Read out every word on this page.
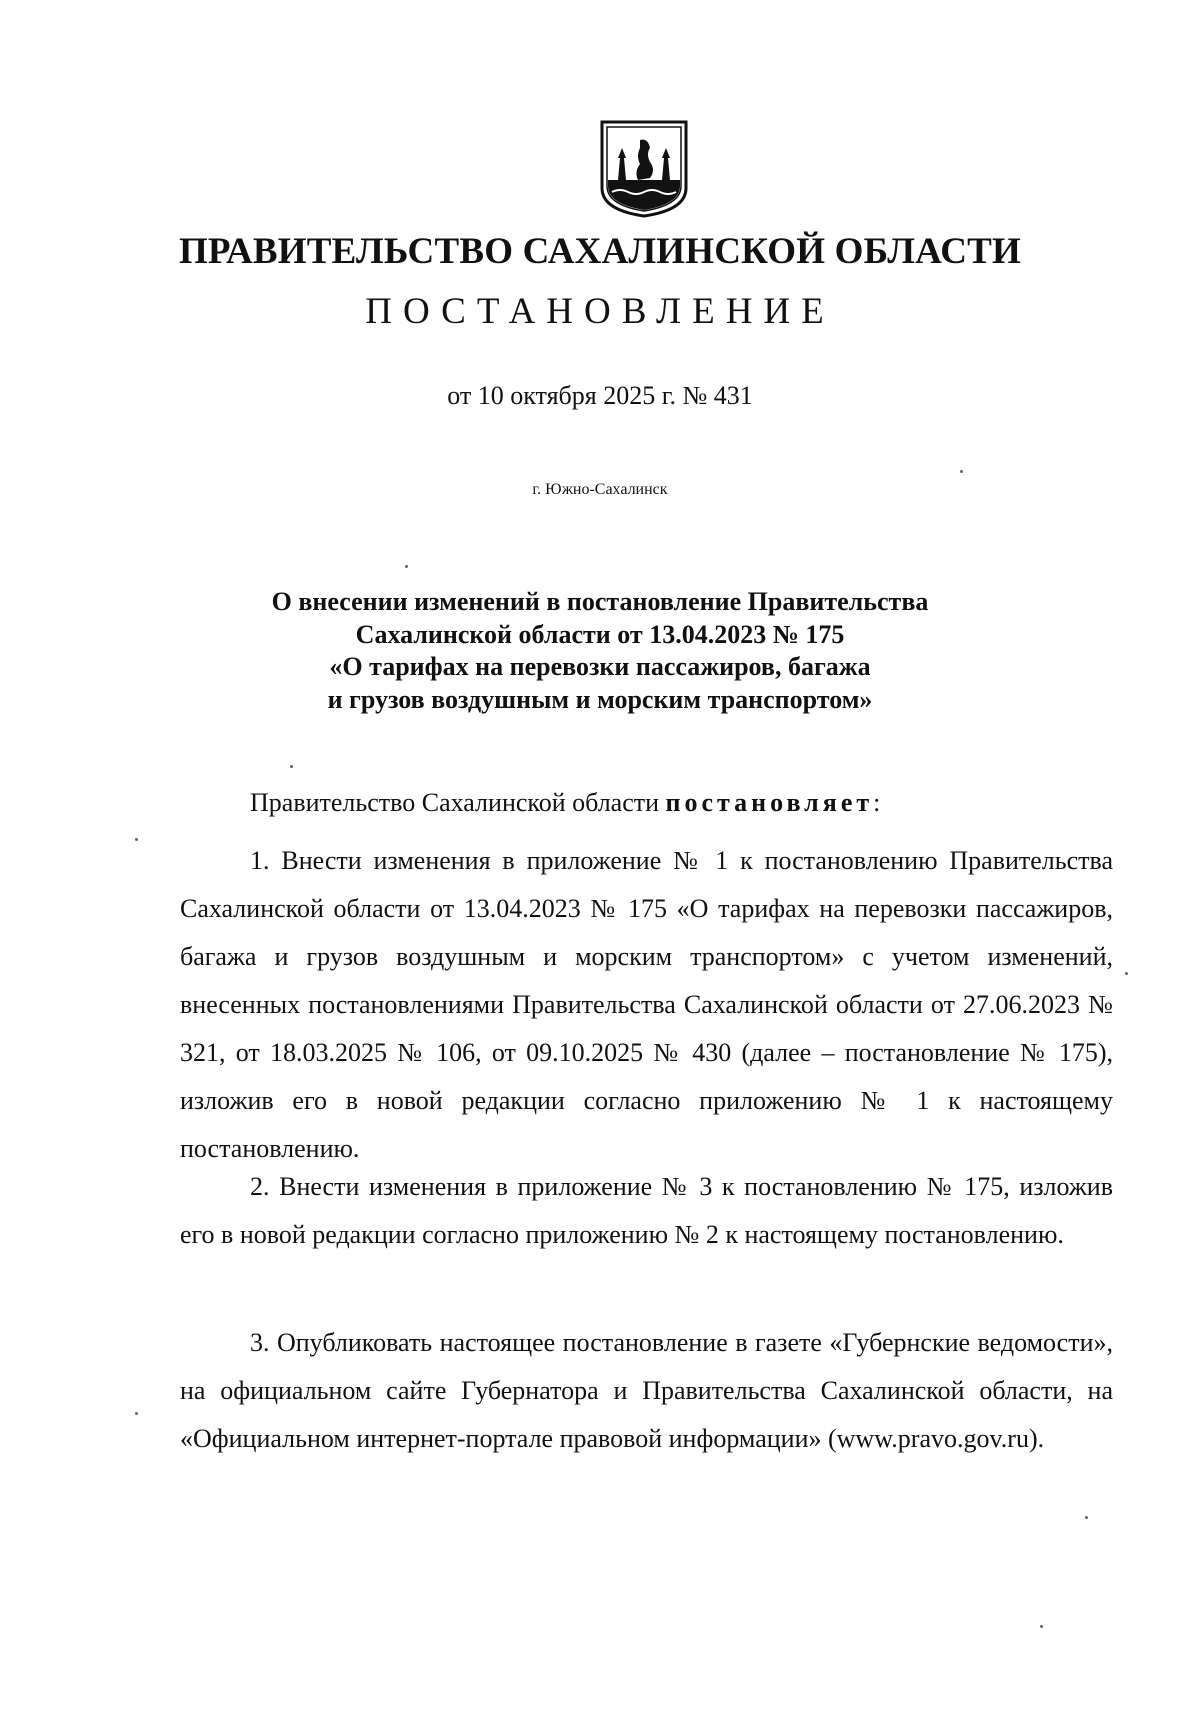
ПРАВИТЕЛЬСТВО САХАЛИНСКОЙ ОБЛАСТИ
ПОСТАНОВЛЕНИЕ
от 10 октября 2025 г. № 431
г. Южно-Сахалинск
О внесении изменений в постановление Правительства
Сахалинской области от 13.04.2023 № 175
«О тарифах на перевозки пассажиров, багажа
и грузов воздушным и морским транспортом»
Правительство Сахалинской области постановляет:
1. Внести изменения в приложение № 1 к постановлению Правительства Сахалинской области от 13.04.2023 № 175 «О тарифах на перевозки пассажиров, багажа и грузов воздушным и морским транспортом» с учетом изменений, внесенных постановлениями Правительства Сахалинской области от 27.06.2023 № 321, от 18.03.2025 № 106, от 09.10.2025 № 430 (далее – постановление № 175), изложив его в новой редакции согласно приложению № 1 к настоящему постановлению.
2. Внести изменения в приложение № 3 к постановлению № 175, изложив его в новой редакции согласно приложению № 2 к настоящему постановлению.
3. Опубликовать настоящее постановление в газете «Губернские ведомости», на официальном сайте Губернатора и Правительства Сахалинской области, на «Официальном интернет-портале правовой информации» (www.pravo.gov.ru).
